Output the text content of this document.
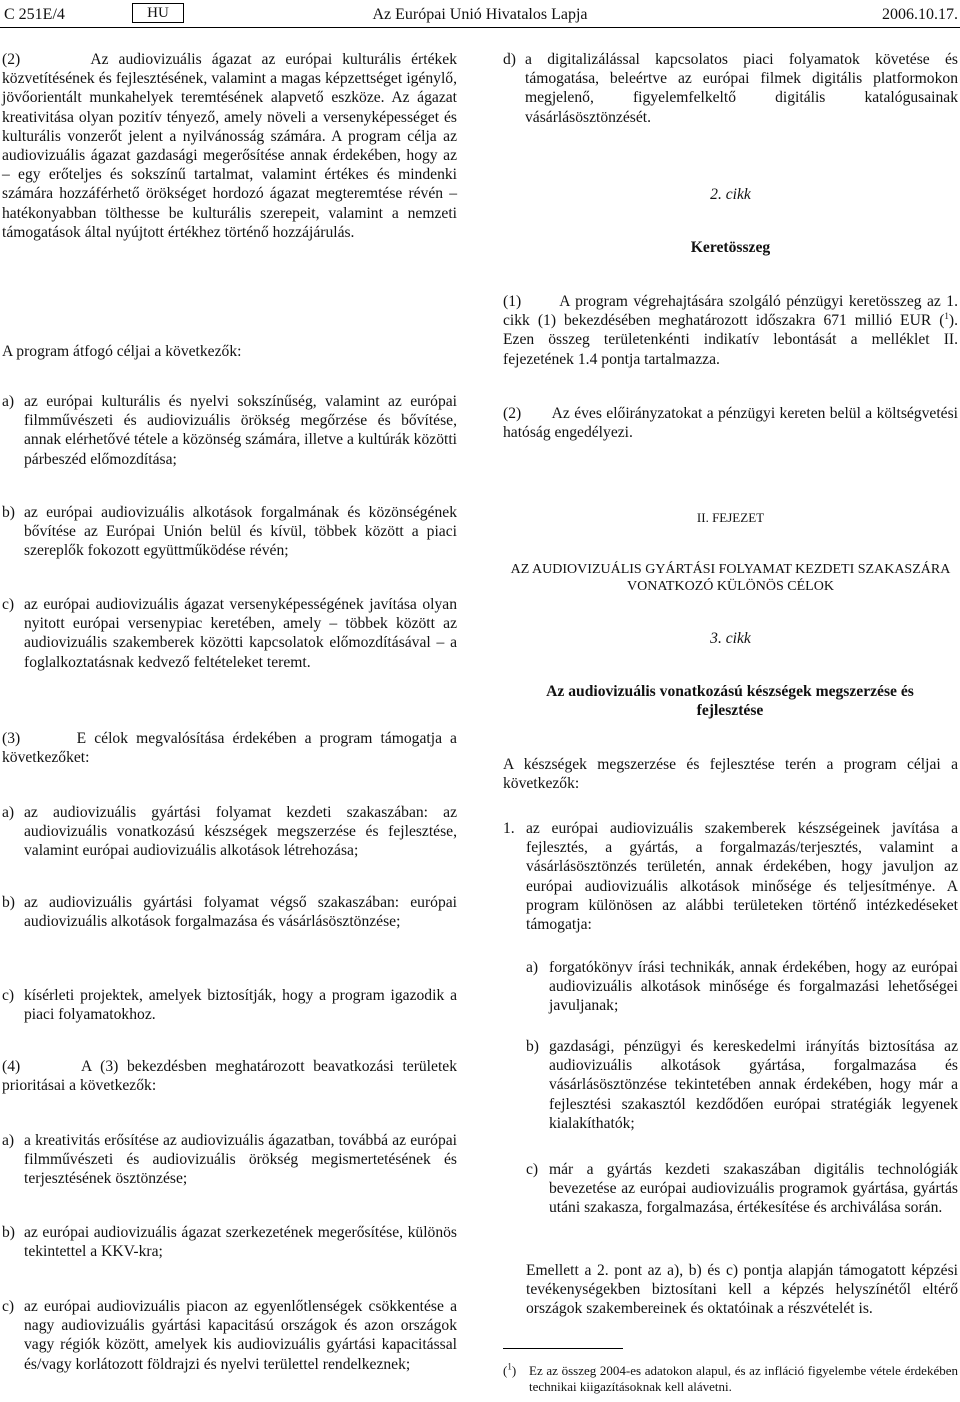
C 251E/4	HU	Az Európai Unió Hivatalos Lapja	2006.10.17.
(2)	Az audiovizuális ágazat az európai kulturális értékek közvetítésének és fejlesztésének, valamint a magas képzettséget igénylő, jövőorientált munkahelyek teremtésének alapvető eszköze. Az ágazat kreativitása olyan pozitív tényező, amely növeli a versenyképességet és kulturális vonzerőt jelent a nyilvánosság számára. A program célja az audiovizuális ágazat gazdasági megerősítése annak érdekében, hogy az – egy erőteljes és sokszínű tartalmat, valamint értékes és mindenki számára hozzáférhető örökséget hordozó ágazat megteremtése révén – hatékonyabban tölthesse be kulturális szerepeit, valamint a nemzeti támogatások által nyújtott értékhez történő hozzájárulás.
A program átfogó céljai a következők:
a) az európai kulturális és nyelvi sokszínűség, valamint az európai filmművészeti és audiovizuális örökség megőrzése és bővítése, annak elérhetővé tétele a közönség számára, illetve a kultúrák közötti párbeszéd előmozdítása;
b) az európai audiovizuális alkotások forgalmának és közönségének bővítése az Európai Unión belül és kívül, többek között a piaci szereplők fokozott együttműködése révén;
c) az európai audiovizuális ágazat versenyképességének javítása olyan nyitott európai versenypiac keretében, amely – többek között az audiovizuális szakemberek közötti kapcsolatok előmozdításával – a foglalkoztatásnak kedvező feltételeket teremt.
(3)	E célok megvalósítása érdekében a program támogatja a következőket:
a) az audiovizuális gyártási folyamat kezdeti szakaszában: az audiovizuális vonatkozású készségek megszerzése és fejlesztése, valamint európai audiovizuális alkotások létrehozása;
b) az audiovizuális gyártási folyamat végső szakaszában: európai audiovizuális alkotások forgalmazása és vásárlásösztönzése;
c) kísérleti projektek, amelyek biztosítják, hogy a program igazodik a piaci folyamatokhoz.
(4)	A (3) bekezdésben meghatározott beavatkozási területek prioritásai a következők:
a) a kreativitás erősítése az audiovizuális ágazatban, továbbá az európai filmművészeti és audiovizuális örökség megismertetésének és terjesztésének ösztönzése;
b) az európai audiovizuális ágazat szerkezetének megerősítése, különös tekintettel a KKV-kra;
c) az európai audiovizuális piacon az egyenlőtlenségek csökkentése a nagy audiovizuális gyártási kapacitású országok és azon országok vagy régiók között, amelyek kis audiovizuális gyártási kapacitással és/vagy korlátozott földrajzi és nyelvi területtel rendelkeznek;
d) a digitalizálással kapcsolatos piaci folyamatok követése és támogatása, beleértve az európai filmek digitális platformokon megjelenő, figyelemfelkeltő digitális katalógusainak vásárlásösztönzését.
2. cikk
Keretösszeg
(1) A program végrehajtására szolgáló pénzügyi keretösszeg az 1. cikk (1) bekezdésében meghatározott időszakra 671 millió EUR ($^1$). Ezen összeg területenkénti indikatív lebontását a melléklet II. fejezetének 1.4 pontja tartalmazza.
(2) Az éves előirányzatokat a pénzügyi kereten belül a költségvetési hatóság engedélyezi.
II. FEJEZET
AZ AUDIOVIZUÁLIS GYÁRTÁSI FOLYAMAT KEZDETI SZAKASZÁRA VONATKOZÓ KÜLÖNÖS CÉLOK
3. cikk
Az audiovizuális vonatkozású készségek megszerzése és fejlesztése
A készségek megszerzése és fejlesztése terén a program céljai a következők:
1. az európai audiovizuális szakemberek készségeinek javítása a fejlesztés, a gyártás, a forgalmazás/terjesztés, valamint a vásárlásösztönzés területén, annak érdekében, hogy javuljon az európai audiovizuális alkotások minősége és teljesítménye. A program különösen az alábbi területeken történő intézkedéseket támogatja:
a) forgatókönyv írási technikák, annak érdekében, hogy az európai audiovizuális alkotások minősége és forgalmazási lehetőségei javuljanak;
b) gazdasági, pénzügyi és kereskedelmi irányítás biztosítása az audiovizuális alkotások gyártása, forgalmazása és vásárlásösztönzése tekintetében annak érdekében, hogy már a fejlesztési szakasztól kezdődően európai stratégiák legyenek kialakíthatók;
c) már a gyártás kezdeti szakaszában digitális technológiák bevezetése az európai audiovizuális programok gyártása, gyártás utáni szakasza, forgalmazása, értékesítése és archiválása során.
Emellett a 2. pont az a), b) és c) pontja alapján támogatott képzési tevékenységekben biztosítani kell a képzés helyszínétől eltérő országok szakembereinek és oktatóinak a részvételét is.
($^1$) Ez az összeg 2004-es adatokon alapul, és az infláció figyelembe vétele érdekében technikai kiigazításoknak kell alávetni.
